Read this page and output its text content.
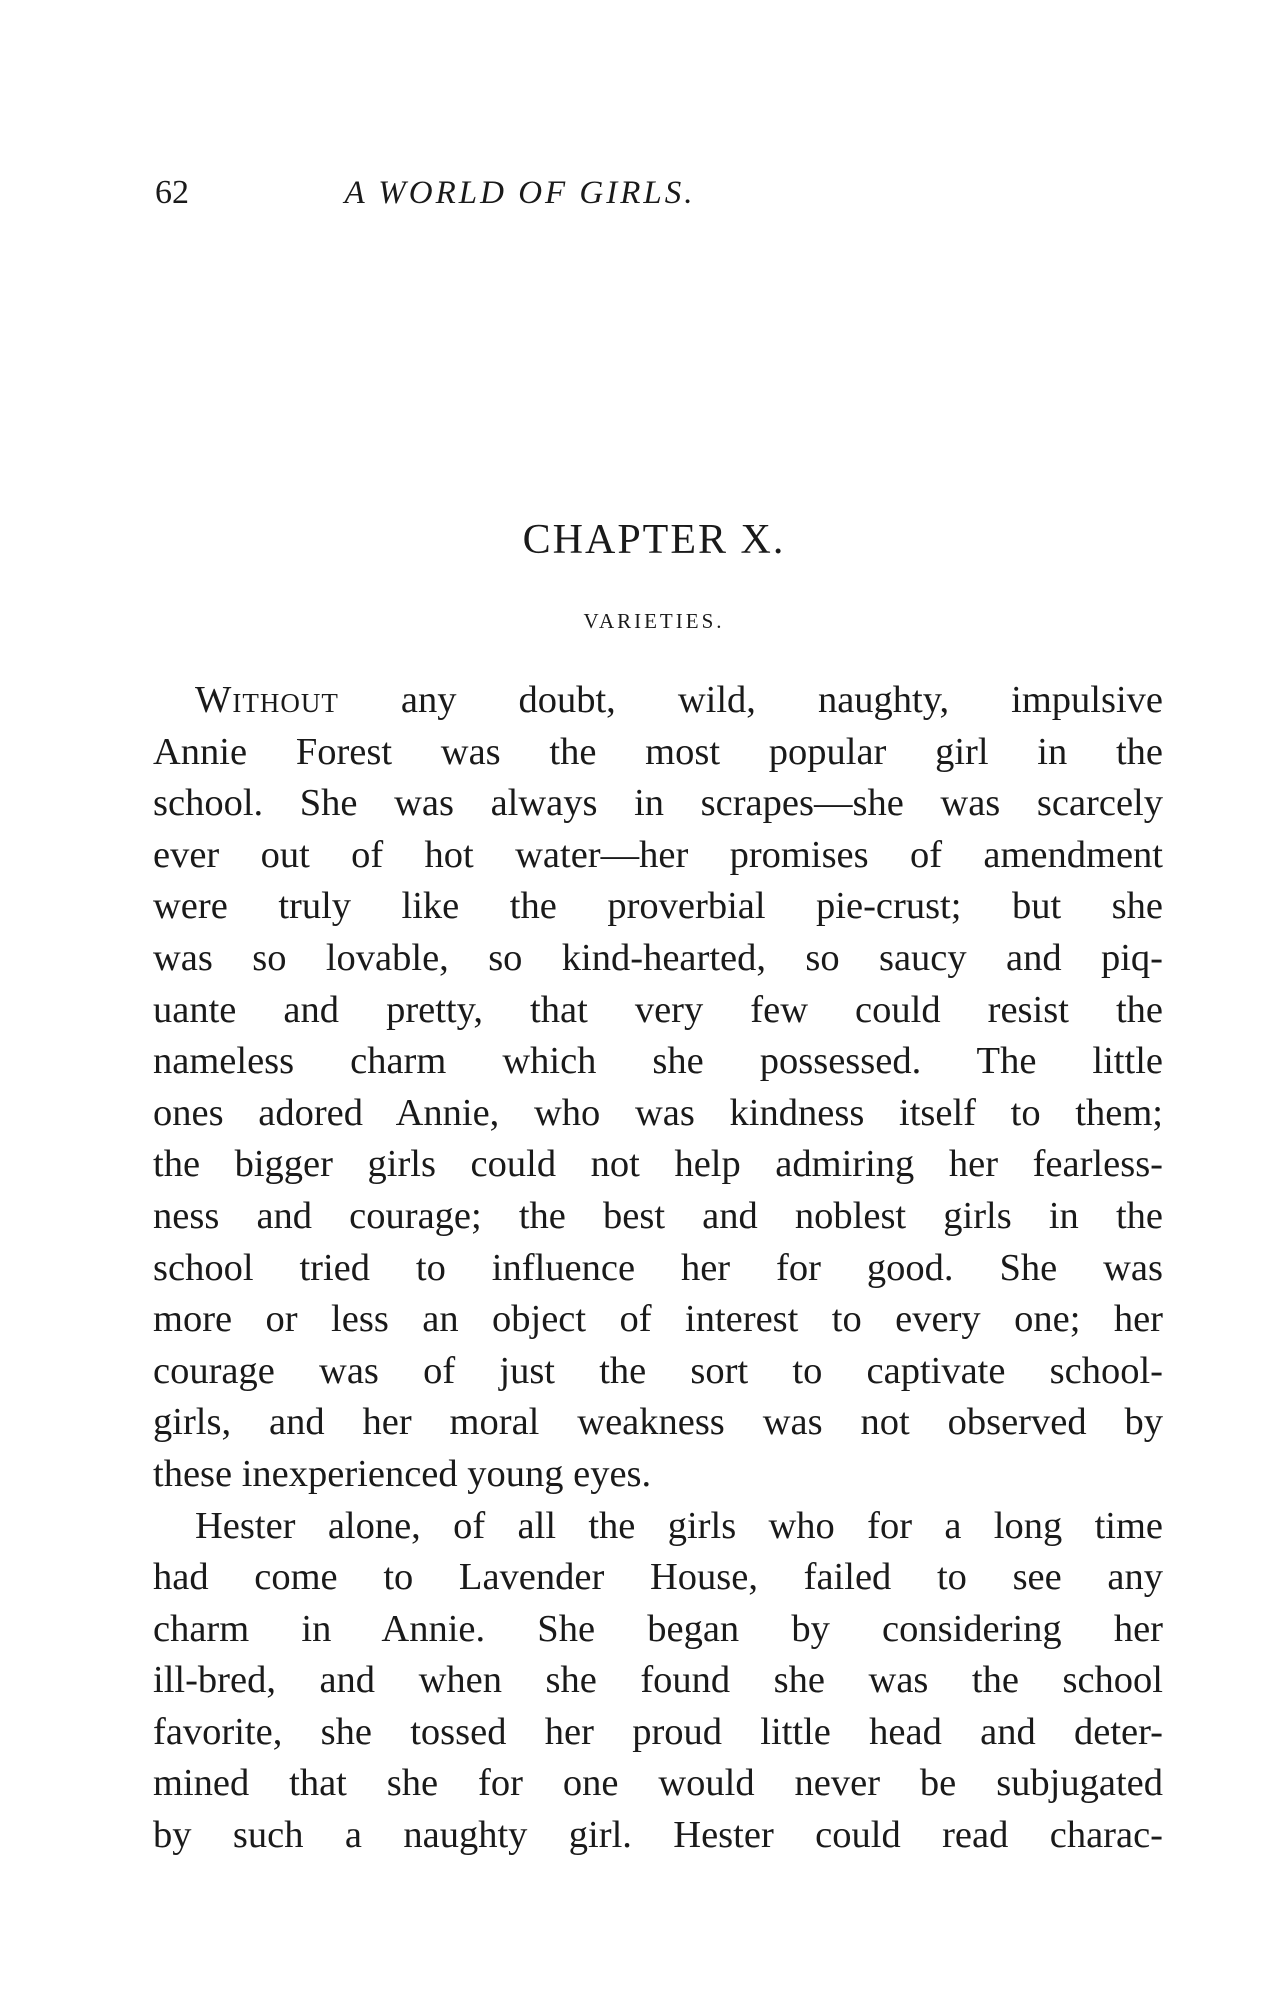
62	A WORLD OF GIRLS.
CHAPTER X.
VARIETIES.
Without any doubt, wild, naughty, impulsive
Annie Forest was the most popular girl in the
school. She was always in scrapes—she was scarcely
ever out of hot water—her promises of amendment
were truly like the proverbial pie-crust; but she
was so lovable, so kind-hearted, so saucy and piq-
uante and pretty, that very few could resist the
nameless charm which she possessed. The little
ones adored Annie, who was kindness itself to them;
the bigger girls could not help admiring her fearless-
ness and courage; the best and noblest girls in the
school tried to influence her for good. She was
more or less an object of interest to every one; her
courage was of just the sort to captivate school-
girls, and her moral weakness was not observed by
these inexperienced young eyes.
Hester alone, of all the girls who for a long time
had come to Lavender House, failed to see any
charm in Annie. She began by considering her
ill-bred, and when she found she was the school
favorite, she tossed her proud little head and deter-
mined that she for one would never be subjugated
by such a naughty girl. Hester could read charac-
